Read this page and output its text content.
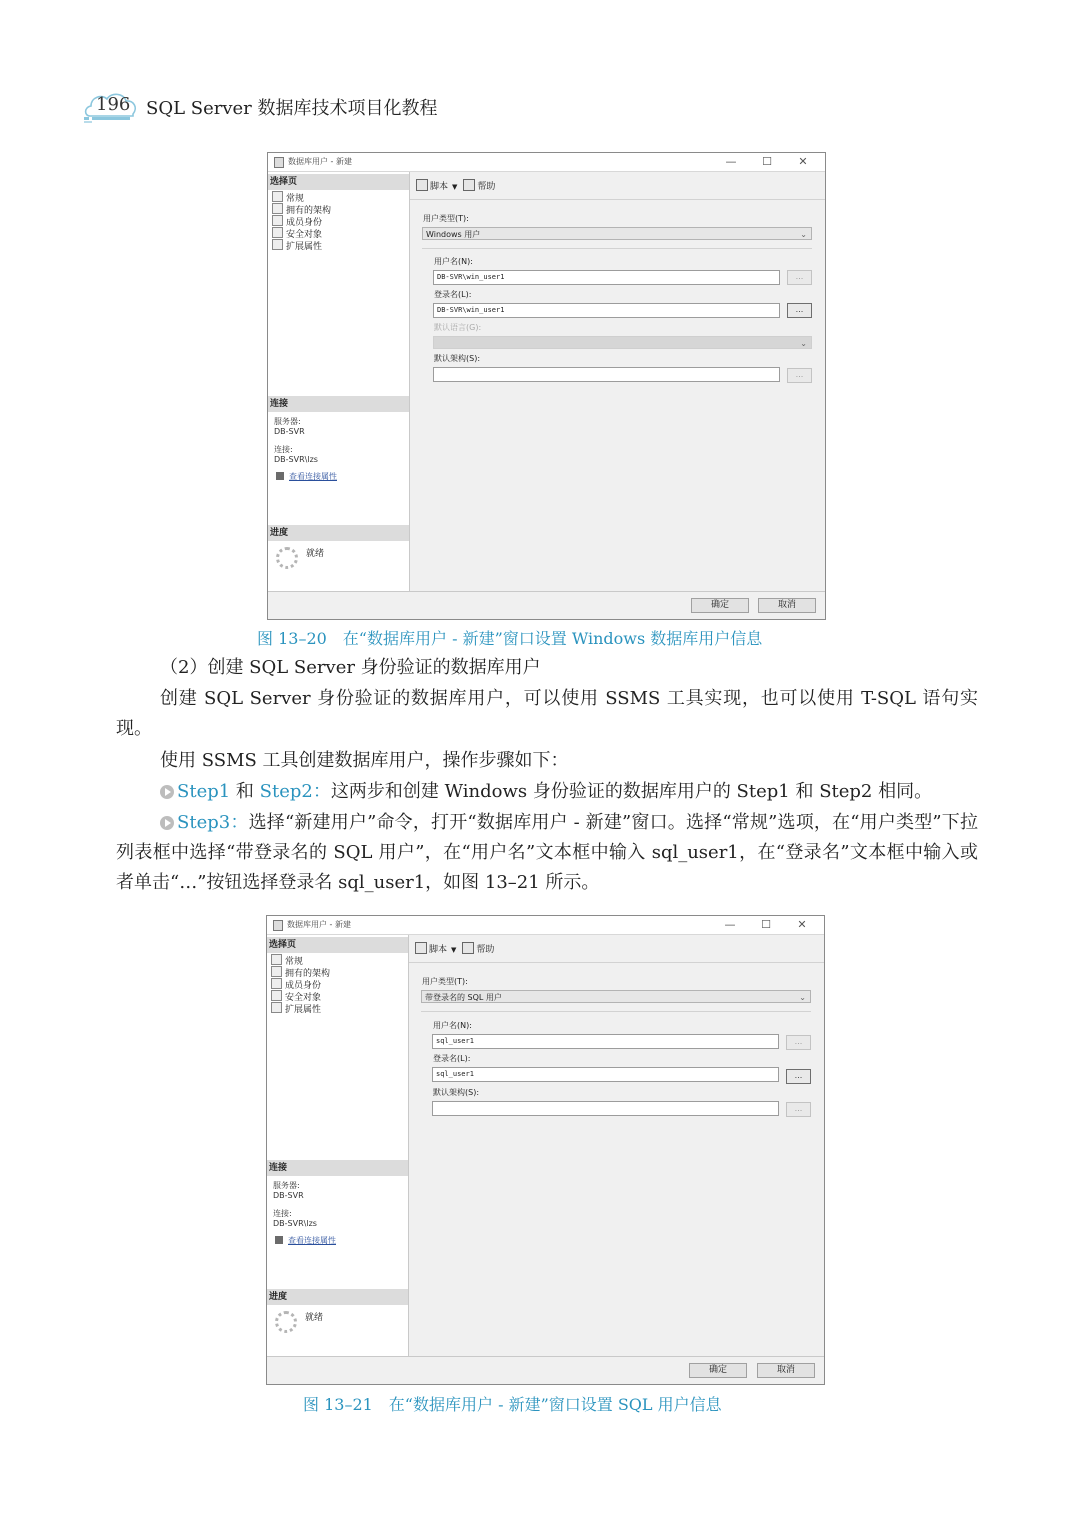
196 SQL Server 数据库技术项目化教程
数据库用户 - 新建	— ☐ ✕
选择页
常规
拥有的架构
成员身份
安全对象
扩展属性
连接
服务器:
DB-SVR
连接:
DB-SVR\lzs
查看连接属性
进度
就绪
脚本 ▼ 帮助
用户类型(T):
Windows 用户	⌄
用户名(N):
DB-SVR\win_user1	...
登录名(L):
DB-SVR\win_user1	...
默认语言(G):
⌄
默认架构(S):
...
确定	取消
图 13–20　在“数据库用户 - 新建”窗口设置 Windows 数据库用户信息
（2）创建 SQL Server 身份验证的数据库用户
创建 SQL Server 身份验证的数据库用户，可以使用 SSMS 工具实现，也可以使用 T-SQL 语句实现。
使用 SSMS 工具创建数据库用户，操作步骤如下：
Step1 和 Step2：这两步和创建 Windows 身份验证的数据库用户的 Step1 和 Step2 相同。
Step3：选择“新建用户”命令，打开“数据库用户 - 新建”窗口。选择“常规”选项，在“用户类型”下拉列表框中选择“带登录名的 SQL 用户”，在“用户名”文本框中输入 sql_user1，在“登录名”文本框中输入或者单击“…”按钮选择登录名 sql_user1，如图 13–21 所示。
数据库用户 - 新建	— ☐ ✕
选择页
常规
拥有的架构
成员身份
安全对象
扩展属性
连接
服务器:
DB-SVR
连接:
DB-SVR\lzs
查看连接属性
进度
就绪
脚本 ▼ 帮助
用户类型(T):
带登录名的 SQL 用户	⌄
用户名(N):
sql_user1	...
登录名(L):
sql_user1	...
默认架构(S):
...
确定	取消
图 13–21　在“数据库用户 - 新建”窗口设置 SQL 用户信息
